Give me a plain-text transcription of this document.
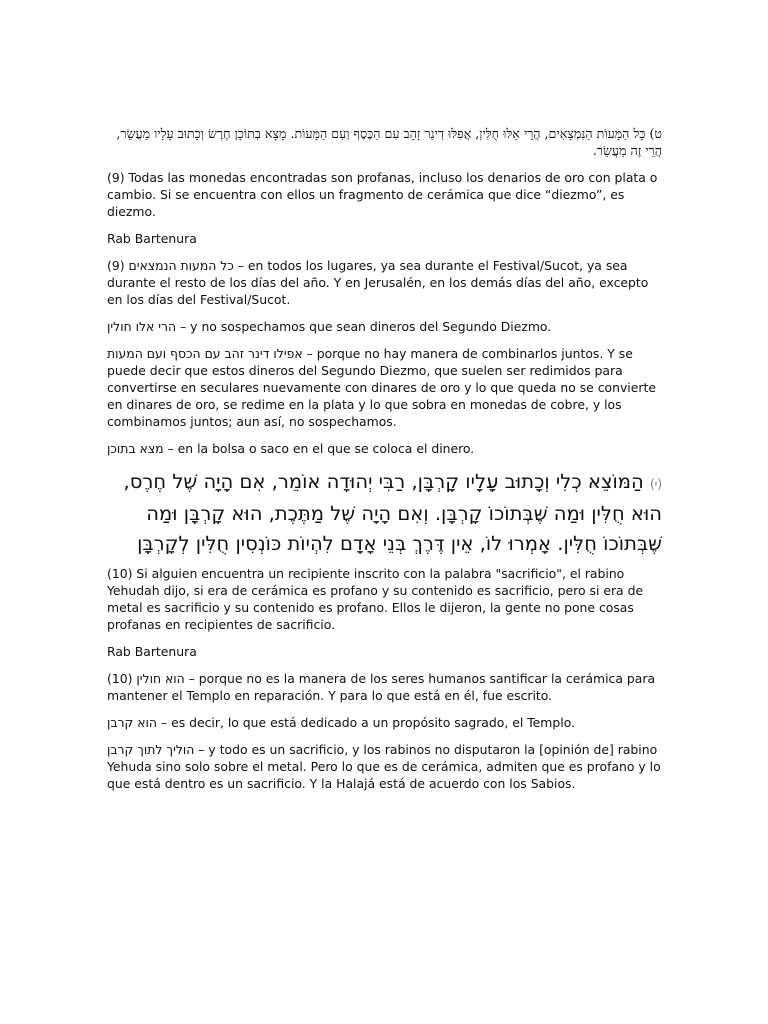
ט) כָּל הַמָּעוֹת הַנִּמְצָאִים, הֲרֵי אֵלּוּ חֻלִּין, אֲפִלּוּ דִינַר זָהָב עִם הַכֶּסֶף וְעִם הַמָּעוֹת. מָצָא בְתוֹכָן חֶרֶשׂ וְכָתוּב עָלָיו מַעֲשֵׂר, הֲרֵי זֶה מַעֲשֵׂר.

(9) Todas las monedas encontradas son profanas, incluso los denarios de oro con plata o cambio. Si se encuentra con ellos un fragmento de cerámica que dice “diezmo”, es diezmo.

Rab Bartenura

(9) כל המעות הנמצאים – en todos los lugares, ya sea durante el Festival/Sucot, ya sea durante el resto de los días del año. Y en Jerusalén, en los demás días del año, excepto en los días del Festival/Sucot.

הרי אלו חולין – y no sospechamos que sean dineros del Segundo Diezmo.

אפילו דינר זהב עם הכסף ועם המעות – porque no hay manera de combinarlos juntos. Y se puede decir que estos dineros del Segundo Diezmo, que suelen ser redimidos para convertirse en seculares nuevamente con dinares de oro y lo que queda no se convierte en dinares de oro, se redime en la plata y lo que sobra en monedas de cobre, y los combinamos juntos; aun así, no sospechamos.

מצא בתוכן – en la bolsa o saco en el que se coloca el dinero.

(י) הַמּוֹצֵא כְלִי וְכָתוּב עָלָיו קָרְבָּן, רַבִּי יְהוּדָה אוֹמֵר, אִם הָיָה שֶׁל חֶרֶס, הוּא חֻלִּין וּמַה שֶּׁבְּתוֹכוֹ קָרְבָּן. וְאִם הָיָה שֶׁל מַתֶּכֶת, הוּא קָרְבָּן וּמַה שֶּׁבְּתוֹכוֹ חֻלִּין. אָמְרוּ לוֹ, אֵין דֶּרֶךְ בְּנֵי אָדָם לִהְיוֹת כּוֹנְסִין חֻלִּין לְקָרְבָּן

(10) Si alguien encuentra un recipiente inscrito con la palabra "sacrificio", el rabino Yehudah dijo, si era de cerámica es profano y su contenido es sacrificio, pero si era de metal es sacrificio y su contenido es profano. Ellos le dijeron, la gente no pone cosas profanas en recipientes de sacrificio.

Rab Bartenura

(10) הוא חולין – porque no es la manera de los seres humanos santificar la cerámica para mantener el Templo en reparación. Y para lo que está en él, fue escrito.

הוא קרבן – es decir, lo que está dedicado a un propósito sagrado, el Templo.

הוליך לתוך קרבן – y todo es un sacrificio, y los rabinos no disputaron la [opinión de] rabino Yehuda sino solo sobre el metal. Pero lo que es de cerámica, admiten que es profano y lo que está dentro es un sacrificio. Y la Halajá está de acuerdo con los Sabios.
